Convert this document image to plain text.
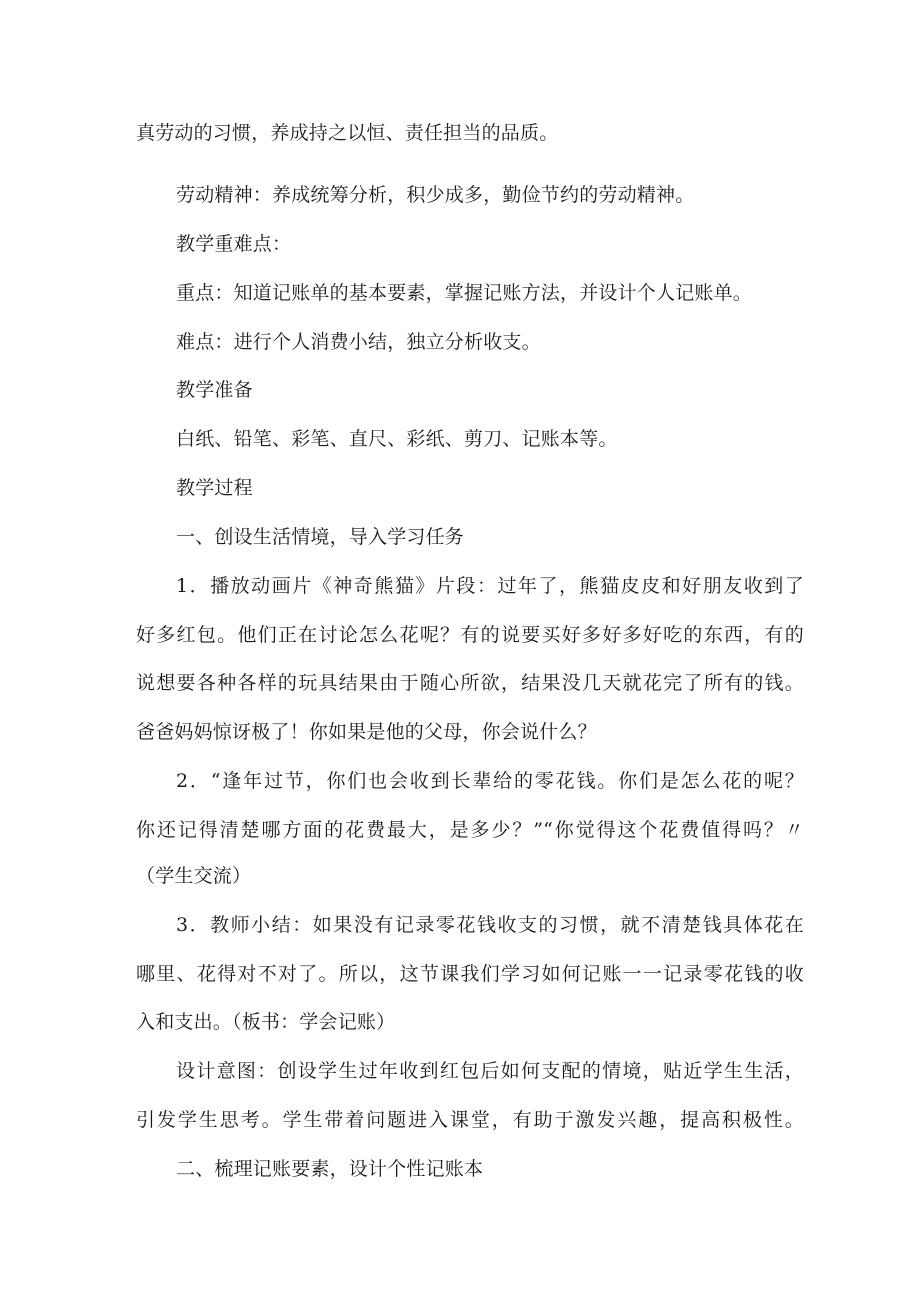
真劳动的习惯，养成持之以恒、责任担当的品质。
劳动精神：养成统筹分析，积少成多，勤俭节约的劳动精神。
教学重难点：
重点：知道记账单的基本要素，掌握记账方法，并设计个人记账单。
难点：进行个人消费小结，独立分析收支。
教学准备
白纸、铅笔、彩笔、直尺、彩纸、剪刀、记账本等。
教学过程
一、创设生活情境，导入学习任务
1．播放动画片《神奇熊猫》片段：过年了，熊猫皮皮和好朋友收到了
好多红包。他们正在讨论怎么花呢？有的说要买好多好多好吃的东西，有的
说想要各种各样的玩具结果由于随心所欲，结果没几天就花完了所有的钱。
爸爸妈妈惊讶极了！你如果是他的父母，你会说什么？
2．“逢年过节，你们也会收到长辈给的零花钱。你们是怎么花的呢？
你还记得清楚哪方面的花费最大，是多少？”“你觉得这个花费值得吗？〃
（学生交流）
3．教师小结：如果没有记录零花钱收支的习惯，就不清楚钱具体花在
哪里、花得对不对了。所以，这节课我们学习如何记账一一记录零花钱的收
入和支出。（板书：学会记账）
设计意图：创设学生过年收到红包后如何支配的情境，贴近学生生活，
引发学生思考。学生带着问题进入课堂，有助于激发兴趣，提高积极性。
二、梳理记账要素，设计个性记账本
